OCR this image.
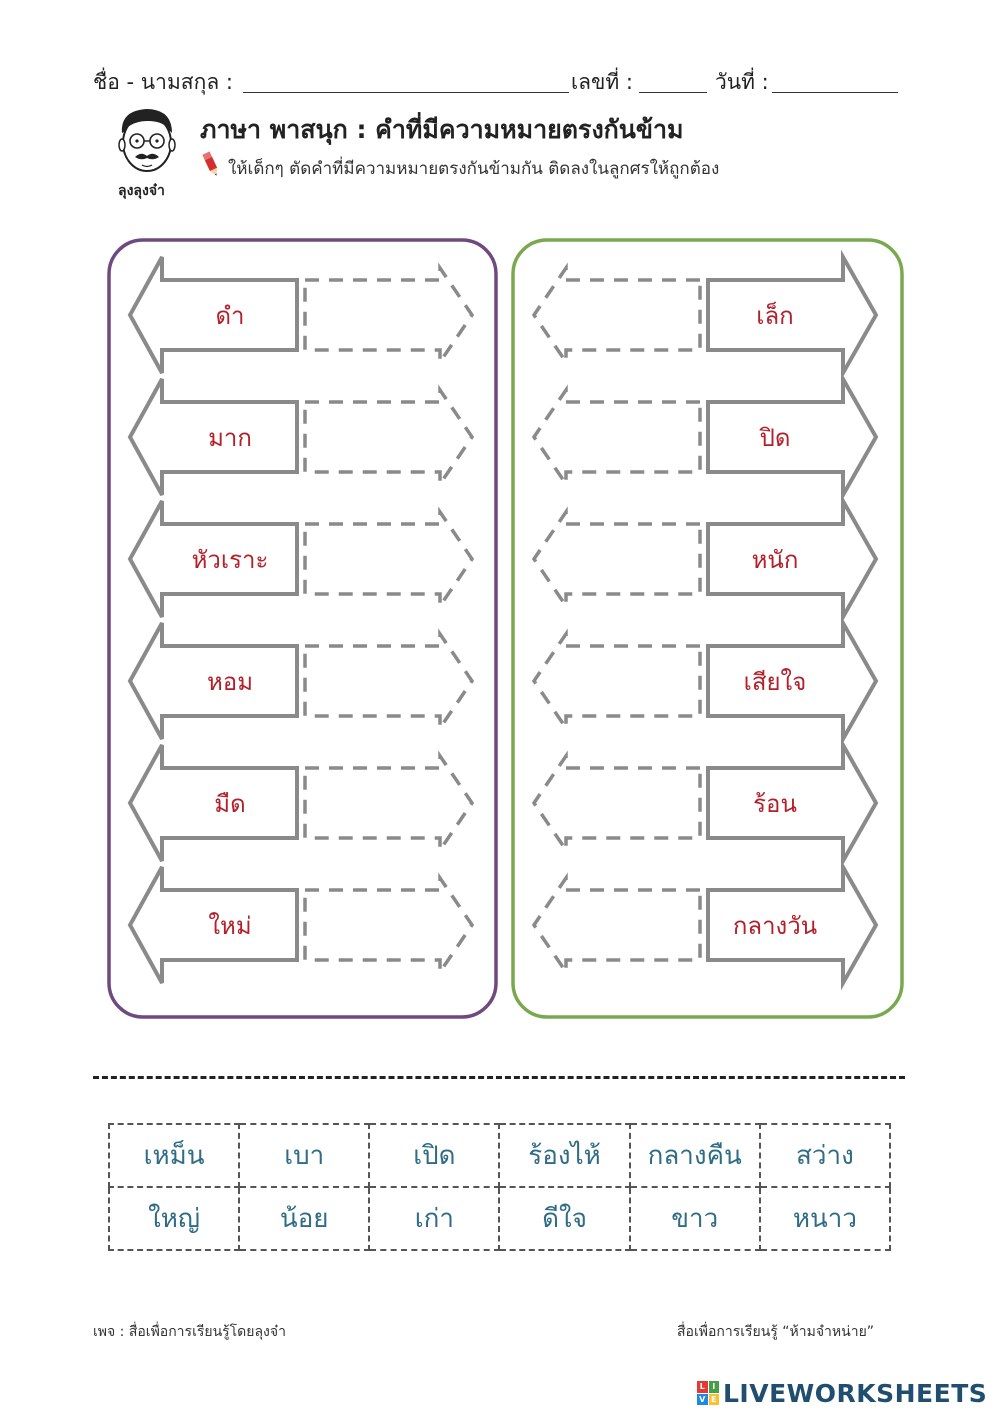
ชื่อ - นามสกุล :	เลขที่ :	วันที่ :
ลุงลุงจ๋า
ภาษา พาสนุก : คำที่มีความหมายตรงกันข้าม
ให้เด็กๆ ตัดคำที่มีความหมายตรงกันข้ามกัน ติดลงในลูกศรให้ถูกต้อง
ดำ
มาก
หัวเราะ
หอม
มืด
ใหม่
เล็ก
ปิด
หนัก
เสียใจ
ร้อน
กลางวัน
เหม็น	เบา	เปิด	ร้องไห้	กลางคืน	สว่าง
ใหญ่	น้อย	เก่า	ดีใจ	ขาว	หนาว
เพจ : สื่อเพื่อการเรียนรู้โดยลุงจ๋า	สื่อเพื่อการเรียนรู้ “ห้ามจำหน่าย”
L I
V E LIVEWORKSHEETS
